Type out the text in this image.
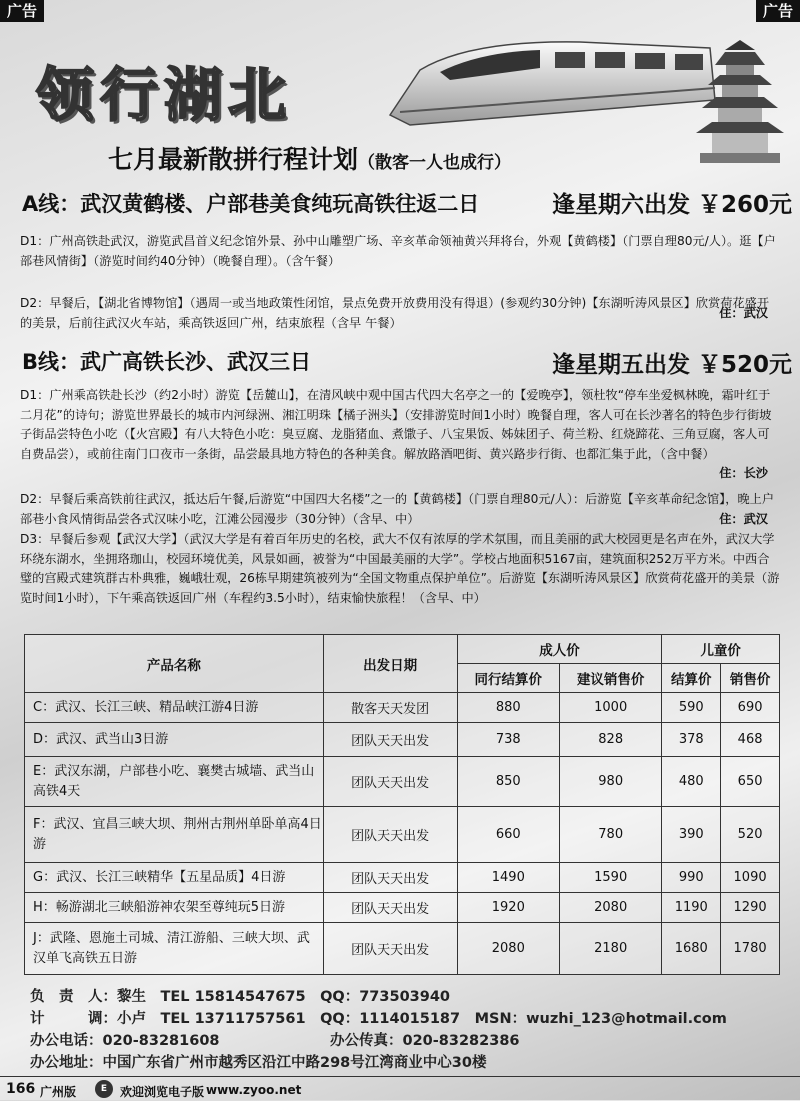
广告	广告
领行湖北
七月最新散拼行程计划（散客一人也成行）
A线：武汉黄鹤楼、户部巷美食纯玩高铁往返二日	逢星期六出发 ￥260元
D1：广州高铁赴武汉，游览武昌首义纪念馆外景、孙中山雕塑广场、辛亥革命领袖黄兴拜将台，外观【黄鹤楼】（门票自理80元/人）。逛【户部巷风情街】（游览时间约40分钟）（晚餐自理）。（含午餐）
住：武汉
D2：早餐后，【湖北省博物馆】（遇周一或当地政策性闭馆，景点免费开放费用没有得退）(参观约30分钟)【东湖听涛风景区】欣赏荷花盛开的美景，后前往武汉火车站，乘高铁返回广州，结束旅程（含早 午餐）
B线：武广高铁长沙、武汉三日	逢星期五出发 ￥520元
D1：广州乘高铁赴长沙（约2小时）游览【岳麓山】，在清风峡中观中国古代四大名亭之一的【爱晚亭】，领杜牧“停车坐爱枫林晚，霜叶红于二月花”的诗句；游览世界最长的城市内河绿洲、湘江明珠【橘子洲头】（安排游览时间1小时）晚餐自理，客人可在长沙著名的特色步行街坡子街品尝特色小吃（【火宫殿】有八大特色小吃：臭豆腐、龙脂猪血、煮馓子、八宝果饭、姊妹团子、荷兰粉、红烧蹄花、三角豆腐，客人可自费品尝），或前往南门口夜市一条街，品尝最具地方特色的各种美食。解放路酒吧街、黄兴路步行街、也都汇集于此，（含中餐）
住：长沙
D2：早餐后乘高铁前往武汉，抵达后午餐,后游览“中国四大名楼”之一的【黄鹤楼】（门票自理80元/人）：后游览【辛亥革命纪念馆】，晚上户部巷小食风情街品尝各式汉味小吃，江滩公园漫步（30分钟）（含早、中）	住：武汉
D3：早餐后参观【武汉大学】（武汉大学是有着百年历史的名校，武大不仅有浓厚的学术氛围，而且美丽的武大校园更是名声在外，武汉大学环绕东湖水，坐拥珞珈山，校园环境优美，风景如画，被誉为“中国最美丽的大学”。学校占地面积5167亩，建筑面积252万平方米。中西合璧的宫殿式建筑群古朴典雅，巍峨壮观，26栋早期建筑被列为“全国文物重点保护单位”。后游览【东湖听涛风景区】欣赏荷花盛开的美景（游览时间1小时），下午乘高铁返回广州（车程约3.5小时），结束愉快旅程！（含早、中）
产品名称	出发日期	成人价		儿童价	
		同行结算价	建议销售价	结算价	销售价
C：武汉、长江三峡、精品峡江游4日游	散客天天发团	880	1000	590	690
D：武汉、武当山3日游	团队天天出发	738	828	378	468
E：武汉东湖，户部巷小吃、襄樊古城墙、武当山高铁4天	团队天天出发	850	980	480	650
F：武汉、宜昌三峡大坝、荆州古荆州单卧单高4日游	团队天天出发	660	780	390	520
G：武汉、长江三峡精华【五星品质】4日游	团队天天出发	1490	1590	990	1090
H：畅游湖北三峡船游神农架至尊纯玩5日游	团队天天出发	1920	2080	1190	1290
J：武隆、恩施土司城、清江游船、三峡大坝、武汉单飞高铁五日游	团队天天出发	2080	2180	1680	1780
负　责　人：黎生　TEL 15814547675　QQ：773503940
计　　　调：小卢　TEL 13711757561　QQ：1114015187　MSN：wuzhi_123@hotmail.com
办公电话：020-83281608	办公传真：020-83282386
办公地址：中国广东省广州市越秀区沿江中路298号江湾商业中心30楼
166 广州版	E	欢迎浏览电子版 www.zyoo.net
